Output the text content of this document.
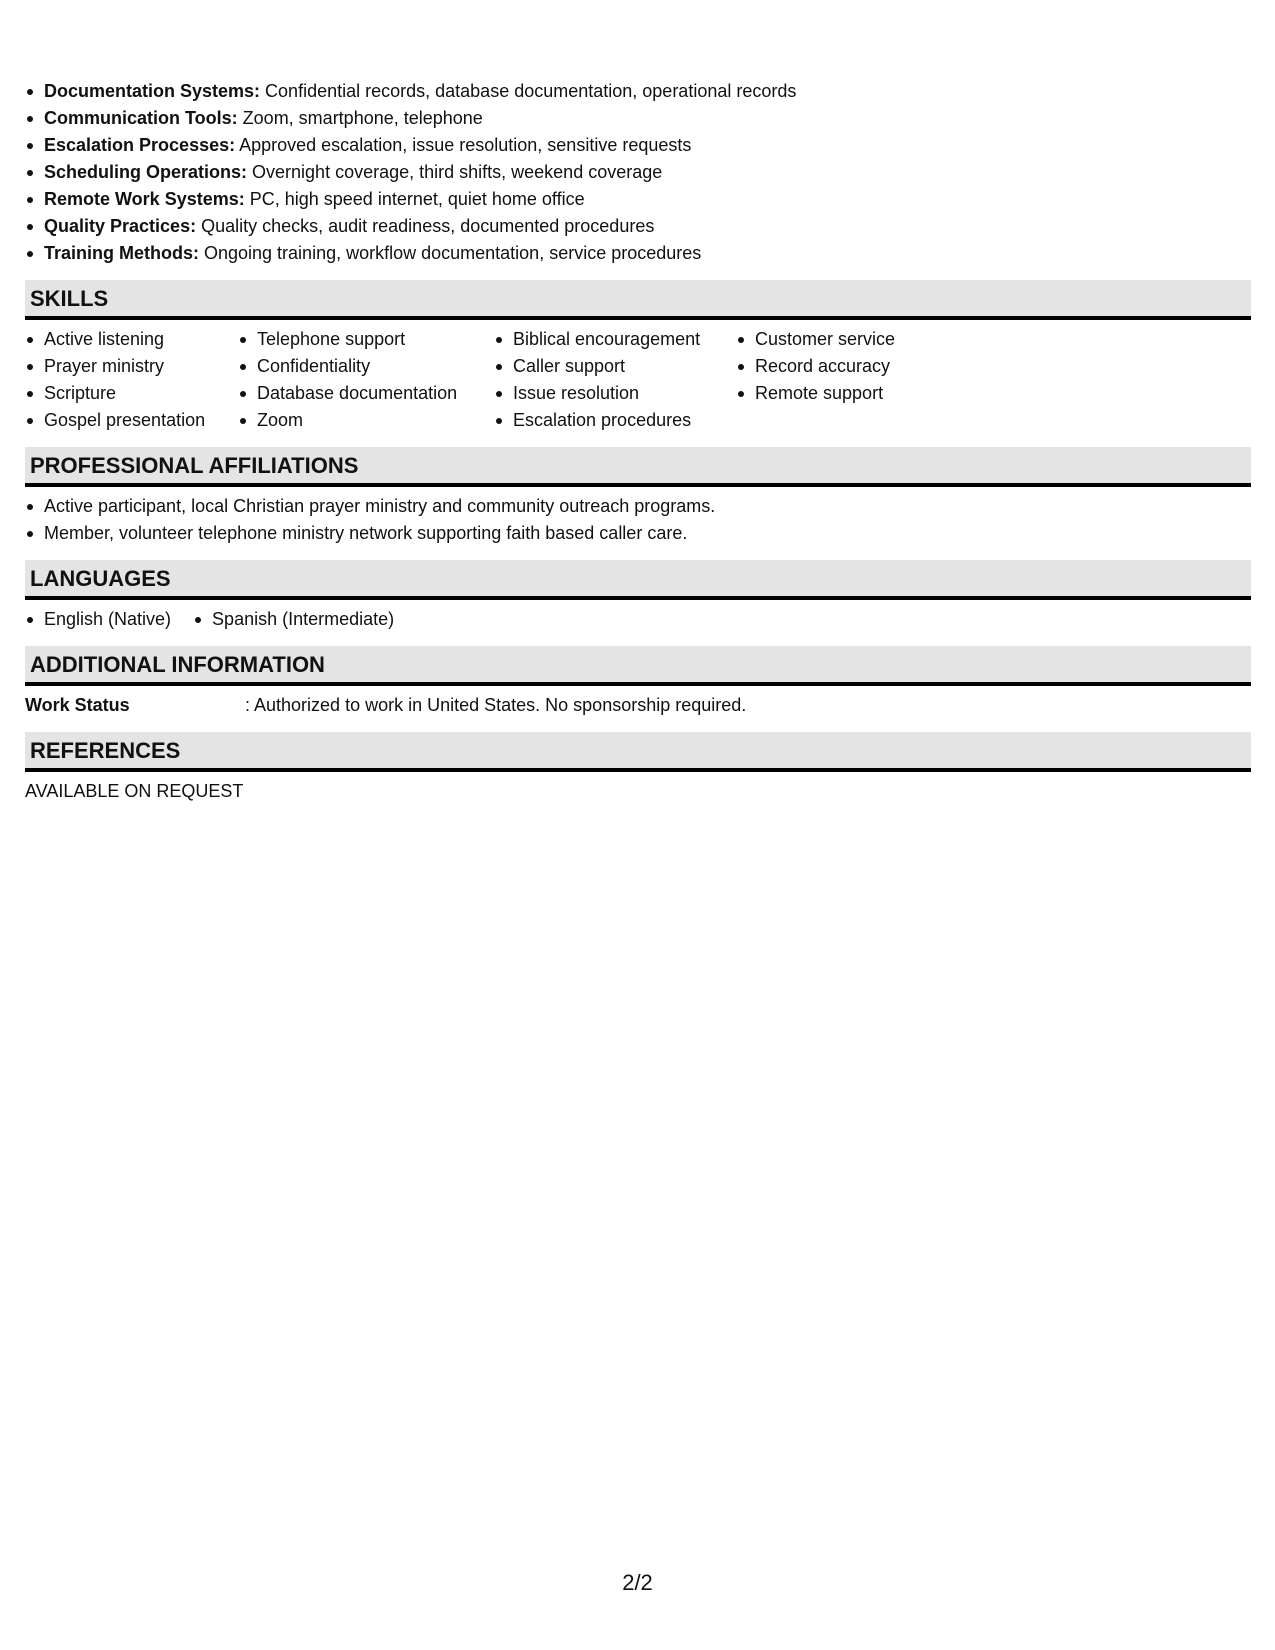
Documentation Systems: Confidential records, database documentation, operational records
Communication Tools: Zoom, smartphone, telephone
Escalation Processes: Approved escalation, issue resolution, sensitive requests
Scheduling Operations: Overnight coverage, third shifts, weekend coverage
Remote Work Systems: PC, high speed internet, quiet home office
Quality Practices: Quality checks, audit readiness, documented procedures
Training Methods: Ongoing training, workflow documentation, service procedures
SKILLS
Active listening
Prayer ministry
Scripture
Gospel presentation
Telephone support
Confidentiality
Database documentation
Zoom
Biblical encouragement
Caller support
Issue resolution
Escalation procedures
Customer service
Record accuracy
Remote support
PROFESSIONAL AFFILIATIONS
Active participant, local Christian prayer ministry and community outreach programs.
Member, volunteer telephone ministry network supporting faith based caller care.
LANGUAGES
English (Native)	Spanish (Intermediate)
ADDITIONAL INFORMATION
Work Status	: Authorized to work in United States. No sponsorship required.
REFERENCES
AVAILABLE ON REQUEST
2/2
